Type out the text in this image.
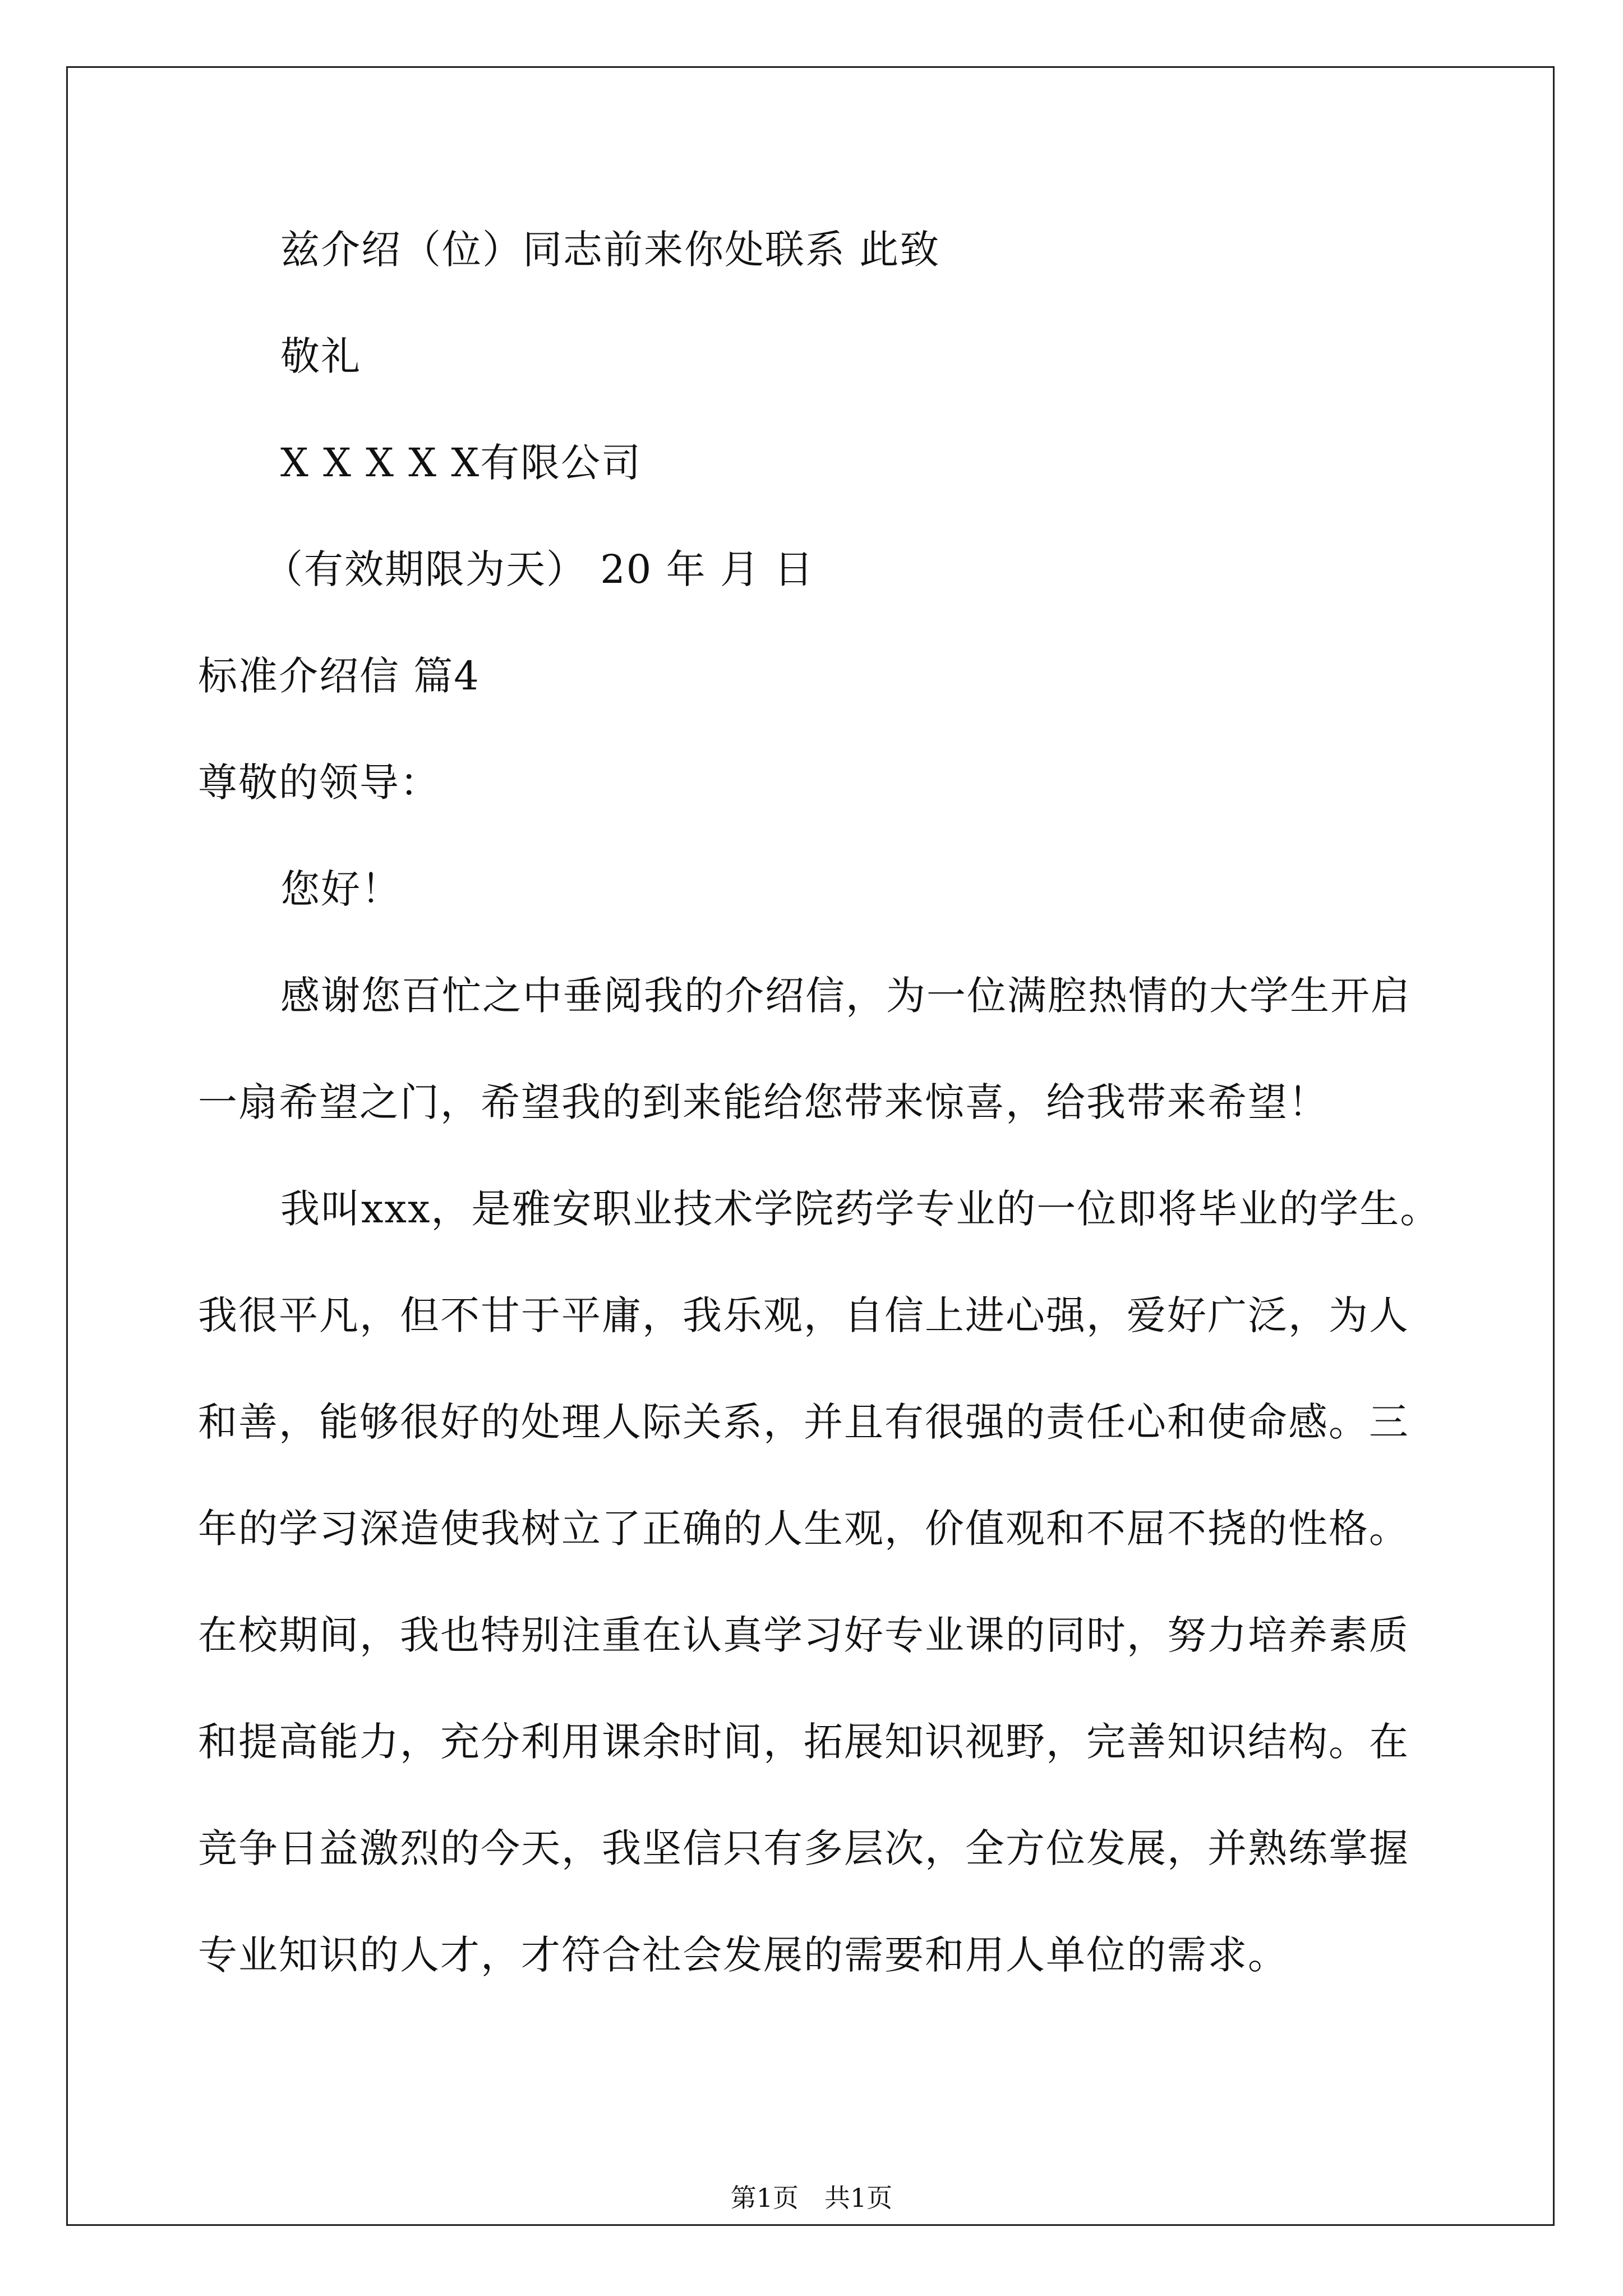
兹介绍（位）同志前来你处联系 此致
敬礼
X X X X X有限公司
（有效期限为天） 20 年 月 日
标准介绍信 篇4
尊敬的领导：
您好！
感谢您百忙之中垂阅我的介绍信，为一位满腔热情的大学生开启
一扇希望之门，希望我的到来能给您带来惊喜，给我带来希望！
我叫xxx，是雅安职业技术学院药学专业的一位即将毕业的学生。
我很平凡，但不甘于平庸，我乐观，自信上进心强，爱好广泛，为人
和善，能够很好的处理人际关系，并且有很强的责任心和使命感。三
年的学习深造使我树立了正确的人生观，价值观和不屈不挠的性格。
在校期间，我也特别注重在认真学习好专业课的同时，努力培养素质
和提高能力，充分利用课余时间，拓展知识视野，完善知识结构。在
竞争日益激烈的今天，我坚信只有多层次，全方位发展，并熟练掌握
专业知识的人才，才符合社会发展的需要和用人单位的需求。
第1页　共1页
